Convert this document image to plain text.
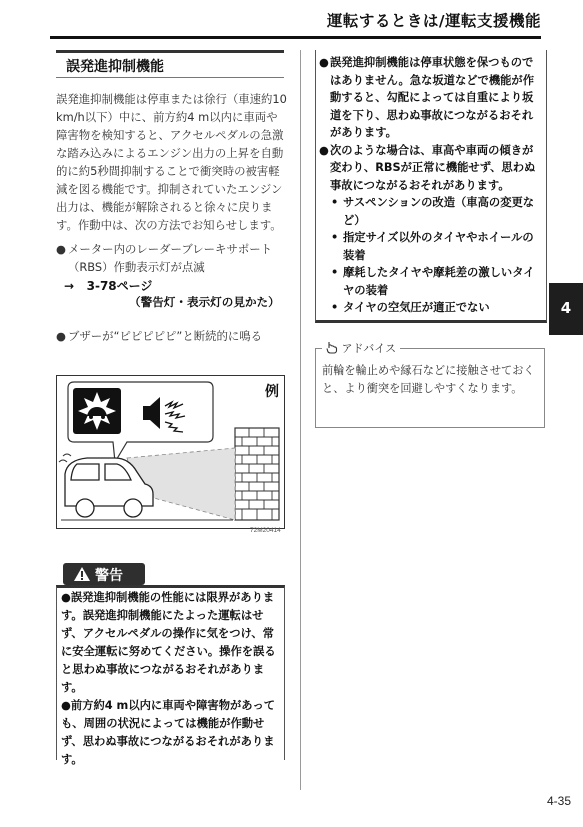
運転するときは/運転支援機能
誤発進抑制機能

誤発進抑制機能は停車または徐行（車速約10 km/h以下）中に、前方約4 m以内に車両や障害物を検知すると、アクセルペダルの急激な踏み込みによるエンジン出力の上昇を自動的に約5秒間抑制することで衝突時の被害軽減を図る機能です。抑制されていたエンジン出力は、機能が解除されると徐々に戻ります。作動中は、次の方法でお知らせします。

● メーター内のレーダーブレーキサポート（RBS）作動表示灯が点滅
→ 3-78ページ
（警告灯・表示灯の見かた）
● ブザーが“ピピピピピ”と断続的に鳴る
例
72M20414
警告
●誤発進抑制機能の性能には限界があります。誤発進抑制機能にたよった運転はせず、アクセルペダルの操作に気をつけ、常に安全運転に努めてください。操作を誤ると思わぬ事故につながるおそれがあります。
●前方約4 m以内に車両や障害物があっても、周囲の状況によっては機能が作動せず、思わぬ事故につながるおそれがあります。
● 誤発進抑制機能は停車状態を保つものではありません。急な坂道などで機能が作動すると、勾配によっては自重により坂道を下り、思わぬ事故につながるおそれがあります。
● 次のような場合は、車高や車両の傾きが変わり、RBSが正常に機能せず、思わぬ事故につながるおそれがあります。
• サスペンションの改造（車高の変更など）
• 指定サイズ以外のタイヤやホイールの装着
• 摩耗したタイヤや摩耗差の激しいタイヤの装着
• タイヤの空気圧が適正でない
アドバイス
前輪を輪止めや縁石などに接触させておくと、より衝突を回避しやすくなります。
4
4-35
